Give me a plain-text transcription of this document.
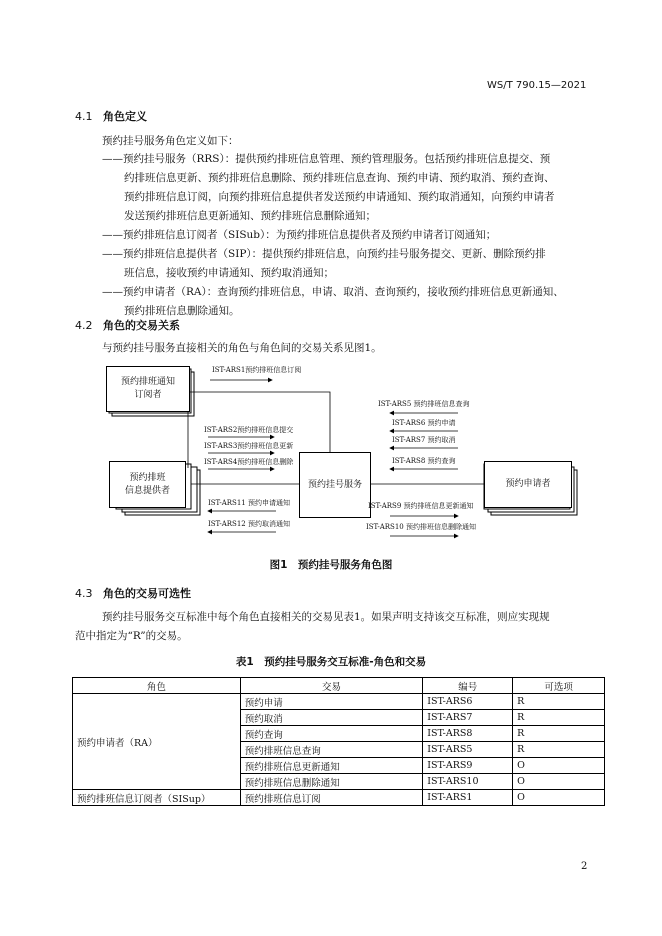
WS/T 790.15—2021
4.1 角色定义
预约挂号服务角色定义如下：
——预约挂号服务（RRS）：提供预约排班信息管理、预约管理服务。包括预约排班信息提交、预
约排班信息更新、预约排班信息删除、预约排班信息查询、预约申请、预约取消、预约查询、
预约排班信息订阅，向预约排班信息提供者发送预约申请通知、预约取消通知，向预约申请者
发送预约排班信息更新通知、预约排班信息删除通知；
——预约排班信息订阅者（SISub）：为预约排班信息提供者及预约申请者订阅通知；
——预约排班信息提供者（SIP）：提供预约排班信息，向预约挂号服务提交、更新、删除预约排
班信息，接收预约申请通知、预约取消通知；
——预约申请者（RA）：查询预约排班信息，申请、取消、查询预约，接收预约排班信息更新通知、
预约排班信息删除通知。
4.2 角色的交易关系
与预约挂号服务直接相关的角色与角色间的交易关系见图1。
预约排班通知
订阅者
预约排班
信息提供者
预约挂号服务	预约申请者
IST-ARS1预约排班信息订阅
IST-ARS2预约排班信息提交
IST-ARS3预约排班信息更新
IST-ARS4预约排班信息删除
IST-ARS11 预约申请通知
IST-ARS12 预约取消通知
IST-ARS5 预约排班信息查询
IST-ARS6 预约申请
IST-ARS7 预约取消
IST-ARS8 预约查询
IST-ARS9 预约排班信息更新通知
IST-ARS10 预约排班信息删除通知
图1　预约挂号服务角色图
4.3 角色的交易可选性
预约挂号服务交互标准中每个角色直接相关的交易见表1。如果声明支持该交互标准，则应实现规
范中指定为“R”的交易。
表1　预约挂号服务交互标准-角色和交易
角色	交易	编号	可选项
预约申请者（RA）	预约申请	IST-ARS6	R
	预约取消	IST-ARS7	R
	预约查询	IST-ARS8	R
	预约排班信息查询	IST-ARS5	R
	预约排班信息更新通知	IST-ARS9	O
	预约排班信息删除通知	IST-ARS10	O
预约排班信息订阅者（SISup）	预约排班信息订阅	IST-ARS1	O
2
